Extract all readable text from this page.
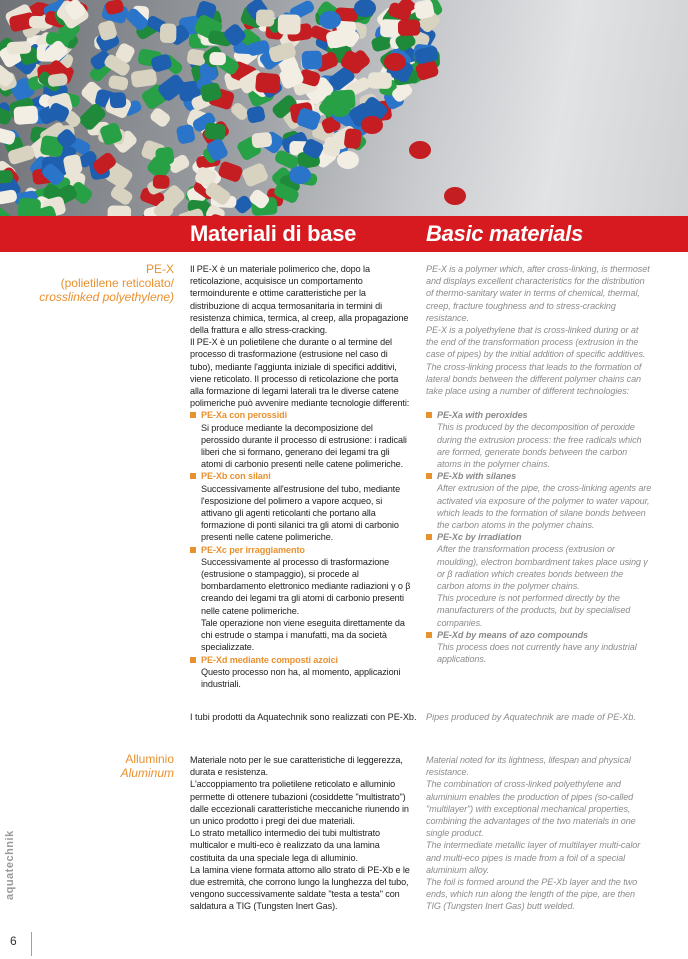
Materiali di base	Basic materials
PE-X
(polietilene reticolato/
crosslinked polyethylene)

Il PE-X è un materiale polimerico che, dopo la reticolazione, acquisisce un comportamento termoindurente e ottime caratteristiche per la distribuzione di acqua termosanitaria in termini di resistenza chimica, termica, al creep, alla propagazione della frattura e allo stress-cracking.

Il PE-X è un polietilene che durante o al termine del processo di trasformazione (estrusione nel caso di tubo), mediante l'aggiunta iniziale di specifici additivi, viene reticolato. Il processo di reticolazione che porta alla formazione di legami laterali tra le diverse catene polimeriche può avvenire mediante tecnologie differenti:

PE-Xa con perossidi

Si produce mediante la decomposizione del perossido durante il processo di estrusione: i radicali liberi che si formano, generano dei legami tra gli atomi di carbonio presenti nelle catene polimeriche.

PE-Xb con silani

Successivamente all'estrusione del tubo, mediante l'esposizione del polimero a vapore acqueo, si attivano gli agenti reticolanti che portano alla formazione di ponti silanici tra gli atomi di carbonio presenti nelle catene polimeriche.

PE-Xc per irraggiamento

Successivamente al processo di trasformazione (estrusione o stampaggio), si procede al bombardamento elettronico mediante radiazioni γ o β creando dei legami tra gli atomi di carbonio presenti nelle catene polimeriche.

Tale operazione non viene eseguita direttamente da chi estrude o stampa i manufatti, ma da società specializzate.

PE-Xd mediante composti azoici

Questo processo non ha, al momento, applicazioni industriali.

PE-X is a polymer which, after cross-linking, is thermoset and displays excellent characteristics for the distribution of thermo-sanitary water in terms of chemical, thermal, creep, fracture toughness and to stress-cracking resistance.

PE-X is a polyethylene that is cross-linked during or at the end of the transformation process (extrusion in the case of pipes) by the initial addition of specific additives.

The cross-linking process that leads to the formation of lateral bonds between the different polymer chains can take place using a number of different technologies:

PE-Xa with peroxides

This is produced by the decomposition of peroxide during the extrusion process: the free radicals which are formed, generate bonds between the carbon atoms in the polymer chains.

PE-Xb with silanes

After extrusion of the pipe, the cross-linking agents are activated via exposure of the polymer to water vapour, which leads to the formation of silane bonds between the carbon atoms in the polymer chains.

PE-Xc by irradiation

After the transformation process (extrusion or moulding), electron bombardment takes place using γ or β radiation which creates bonds between the carbon atoms in the polymer chains.

This procedure is not performed directly by the manufacturers of the products, but by specialised companies.

PE-Xd by means of azo compounds

This process does not currently have any industrial applications.

I tubi prodotti da Aquatechnik sono realizzati con PE-Xb. Pipes produced by Aquatechnik are made of PE-Xb.
Alluminio
Aluminum

Materiale noto per le sue caratteristiche di leggerezza, durata e resistenza.

L'accoppiamento tra polietilene reticolato e alluminio permette di ottenere tubazioni (cosiddette "multistrato") dalle eccezionali caratteristiche meccaniche riunendo in un unico prodotto i pregi dei due materiali.

Lo strato metallico intermedio dei tubi multistrato multicalor e multi-eco è realizzato da una lamina costituita da una speciale lega di alluminio.

La lamina viene formata attorno allo strato di PE-Xb e le due estremità, che corrono lungo la lunghezza del tubo, vengono successivamente saldate "testa a testa" con saldatura a TIG (Tungsten Inert Gas).

Material noted for its lightness, lifespan and physical resistance.

The combination of cross-linked polyethylene and aluminium enables the production of pipes (so-called "multilayer") with exceptional mechanical properties, combining the advantages of the two materials in one single product.

The intermediate metallic layer of multilayer multi-calor and multi-eco pipes is made from a foil of a special aluminium alloy.

The foil is formed around the PE-Xb layer and the two ends, which run along the length of the pipe, are then TIG (Tungsten Inert Gas) butt welded.

aquatechnik
6
